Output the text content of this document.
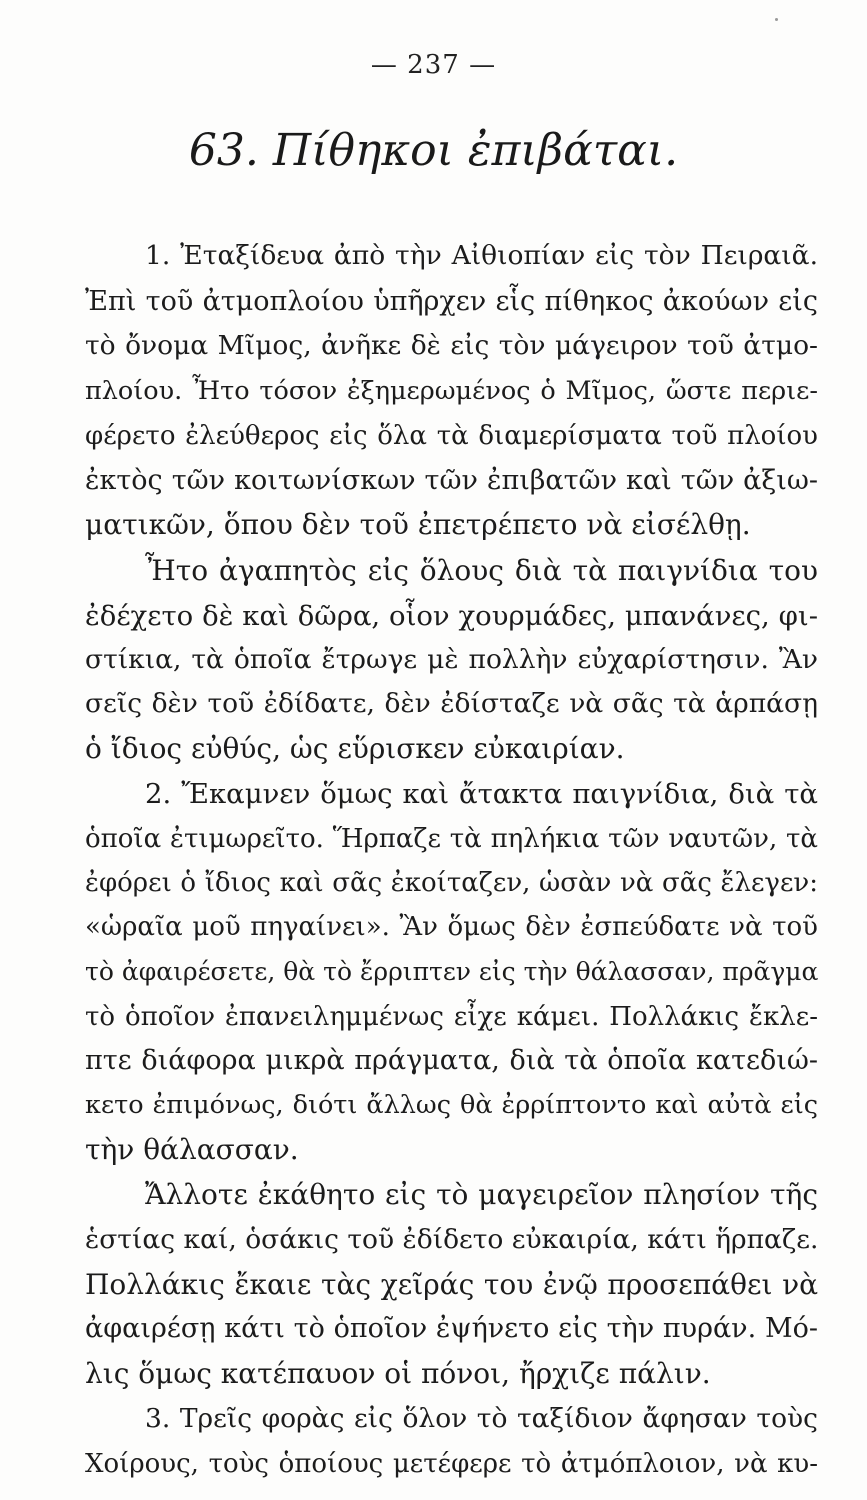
— 237 —
63. Πίθηκοι ἐπιβάται.
1. Ἐταξίδευα ἀπὸ τὴν Αἰθιοπίαν εἰς τὸν Πειραιᾶ.
Ἐπὶ τοῦ ἀτμοπλοίου ὑπῆρχεν εἷς πίθηκος ἀκούων εἰς
τὸ ὄνομα Μῖμος, ἀνῆκε δὲ εἰς τὸν μάγειρον τοῦ ἀτμο-
πλοίου. Ἦτο τόσον ἐξημερωμένος ὁ Μῖμος, ὥστε περιε-
φέρετο ἐλεύθερος εἰς ὅλα τὰ διαμερίσματα τοῦ πλοίου
ἐκτὸς τῶν κοιτωνίσκων τῶν ἐπιβατῶν καὶ τῶν ἀξιω-
ματικῶν, ὅπου δὲν τοῦ ἐπετρέπετο νὰ εἰσέλθῃ.
Ἦτο ἀγαπητὸς εἰς ὅλους διὰ τὰ παιγνίδια του
ἐδέχετο δὲ καὶ δῶρα, οἷον χουρμάδες, μπανάνες, φι-
στίκια, τὰ ὁποῖα ἔτρωγε μὲ πολλὴν εὐχαρίστησιν. Ἂν
σεῖς δὲν τοῦ ἐδίδατε, δὲν ἐδίσταζε νὰ σᾶς τὰ ἁρπάσῃ
ὁ ἴδιος εὐθύς, ὡς εὕρισκεν εὐκαιρίαν.
2. Ἔκαμνεν ὅμως καὶ ἄτακτα παιγνίδια, διὰ τὰ
ὁποῖα ἐτιμωρεῖτο. Ἥρπαζε τὰ πηλήκια τῶν ναυτῶν, τὰ
ἐφόρει ὁ ἴδιος καὶ σᾶς ἐκοίταζεν, ὡσὰν νὰ σᾶς ἔλεγεν:
«ὡραῖα μοῦ πηγαίνει». Ἂν ὅμως δὲν ἐσπεύδατε νὰ τοῦ
τὸ ἀφαιρέσετε, θὰ τὸ ἔρριπτεν εἰς τὴν θάλασσαν, πρᾶγμα
τὸ ὁποῖον ἐπανειλημμένως εἶχε κάμει. Πολλάκις ἔκλε-
πτε διάφορα μικρὰ πράγματα, διὰ τὰ ὁποῖα κατεδιώ-
κετο ἐπιμόνως, διότι ἄλλως θὰ ἐρρίπτοντο καὶ αὐτὰ εἰς
τὴν θάλασσαν.
Ἄλλοτε ἐκάθητο εἰς τὸ μαγειρεῖον πλησίον τῆς
ἑστίας καί, ὁσάκις τοῦ ἐδίδετο εὐκαιρία, κάτι ἥρπαζε.
Πολλάκις ἔκαιε τὰς χεῖράς του ἐνῷ προσεπάθει νὰ
ἀφαιρέσῃ κάτι τὸ ὁποῖον ἐψήνετο εἰς τὴν πυράν. Μό-
λις ὅμως κατέπαυον οἱ πόνοι, ἤρχιζε πάλιν.
3. Τρεῖς φορὰς εἰς ὅλον τὸ ταξίδιον ἄφησαν τοὺς
Χοίρους, τοὺς ὁποίους μετέφερε τὸ ἀτμόπλοιον, νὰ κυ-
